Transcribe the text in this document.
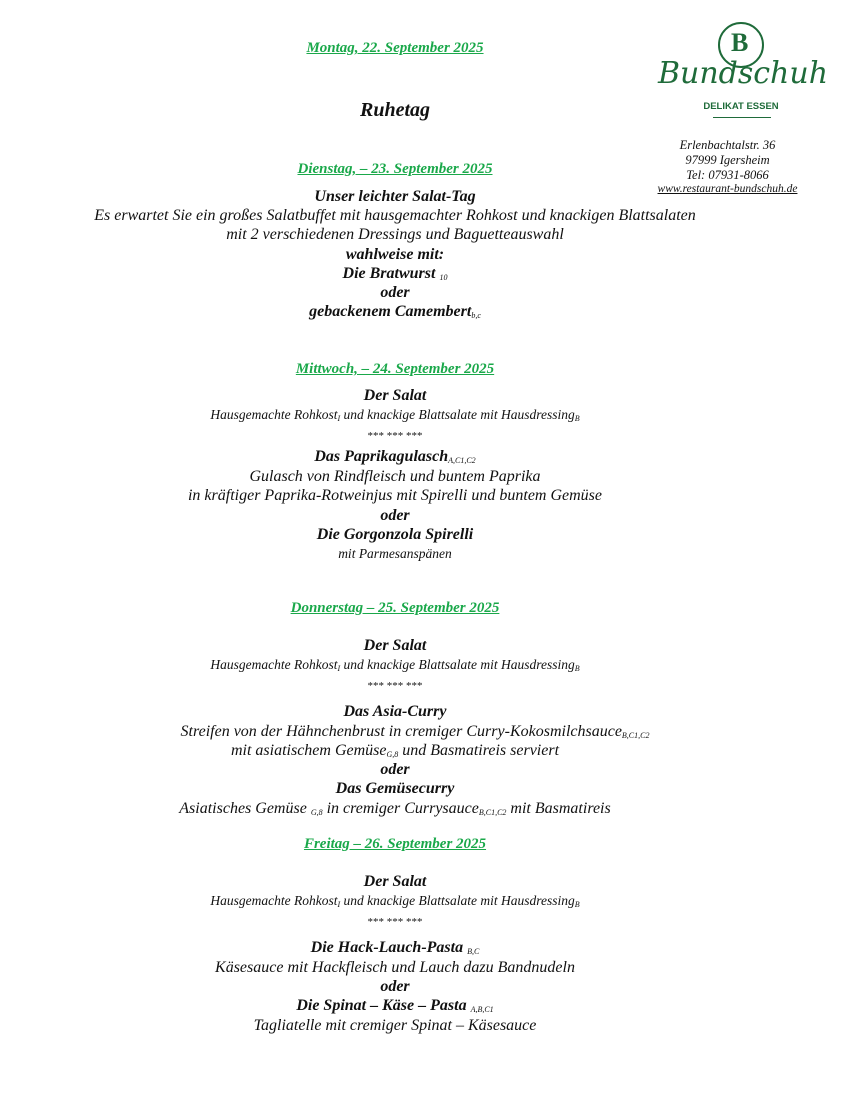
B
Bundschuh
DELIKAT ESSEN
Erlenbachtalstr. 36
97999 Igersheim
Tel: 07931-8066
www.restaurant-bundschuh.de
Montag, 22. September 2025
Ruhetag
Dienstag, – 23. September 2025
Unser leichter Salat-Tag
Es erwartet Sie ein großes Salatbuffet mit hausgemachter Rohkost und knackigen Blattsalaten
mit 2 verschiedenen Dressings und Baguetteauswahl
wahlweise mit:
Die Bratwurst $_{10}$
oder
gebackenem Camembert$_{b,c}$
Mittwoch, – 24. September 2025
Der Salat
Hausgemachte Rohkost$_I$ und knackige Blattsalate mit Hausdressing$_B$
*** *** ***
Das Paprikagulasch$_{A,C1,C2}$
Gulasch von Rindfleisch und buntem Paprika
in kräftiger Paprika-Rotweinjus mit Spirelli und buntem Gemüse
oder
Die Gorgonzola Spirelli
mit Parmesanspänen
Donnerstag – 25. September 2025
Der Salat
Hausgemachte Rohkost$_I$ und knackige Blattsalate mit Hausdressing$_B$
*** *** ***
Das Asia-Curry
Streifen von der Hähnchenbrust in cremiger Curry-Kokosmilchsauce$_{B,C1,C2}$
mit asiatischem Gemüse$_{G,8}$ und Basmatireis serviert
oder
Das Gemüsecurry
Asiatisches Gemüse $_{G,8}$ in cremiger Currysauce$_{B,C1,C2}$ mit Basmatireis
Freitag – 26. September 2025
Der Salat
Hausgemachte Rohkost$_I$ und knackige Blattsalate mit Hausdressing$_B$
*** *** ***
Die Hack-Lauch-Pasta $_{B,C}$
Käsesauce mit Hackfleisch und Lauch dazu Bandnudeln
oder
Die Spinat – Käse – Pasta $_{A,B,C1}$
Tagliatelle mit cremiger Spinat – Käsesauce
